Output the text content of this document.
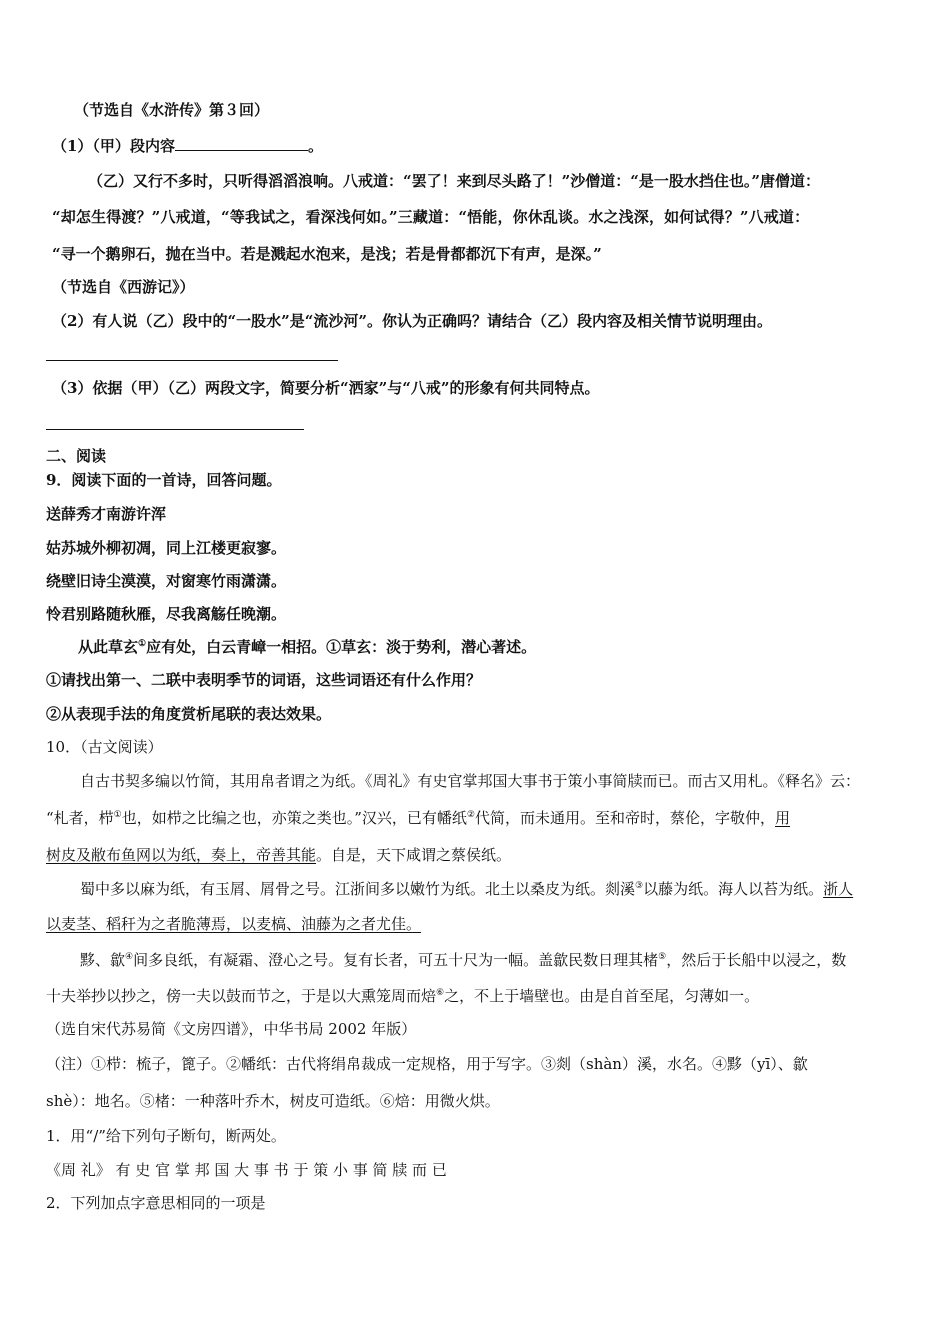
（节选自《水浒传》第３回）
（1）（甲）段内容	。
（乙）又行不多时，只听得滔滔浪响。八戒道：“罢了！来到尽头路了！”沙僧道：“是一股水挡住也。”唐僧道：
“却怎生得渡？”八戒道，“等我试之，看深浅何如。”三藏道：“悟能，你休乱谈。水之浅深，如何试得？”八戒道：
“寻一个鹅卵石，抛在当中。若是溅起水泡来，是浅；若是骨都都沉下有声，是深。”
（节选自《西游记》）
（2）有人说（乙）段中的“一股水”是“流沙河”。你认为正确吗？请结合（乙）段内容及相关情节说明理由。
（3）依据（甲）（乙）两段文字，简要分析“洒家”与“八戒”的形象有何共同特点。
二、阅读
9．阅读下面的一首诗，回答问题。
送薛秀才南游许浑
姑苏城外柳初凋，同上江楼更寂寥。
绕壁旧诗尘漠漠，对窗寒竹雨潇潇。
怜君别路随秋雁，尽我离觞任晚潮。
从此草玄①应有处，白云青嶂一相招。①草玄：淡于势利，潜心著述。
①请找出第一、二联中表明季节的词语，这些词语还有什么作用？
②从表现手法的角度赏析尾联的表达效果。
10．（古文阅读）
自古书契多编以竹简，其用帛者谓之为纸。《周礼》有史官掌邦国大事书于策小事简牍而已。而古又用札。《释名》云：
“札者，栉①也，如栉之比编之也，亦策之类也。”汉兴，已有幡纸②代简，而未通用。至和帝时，蔡伦，字敬仲，用
树皮及敝布鱼网以为纸，奏上，帝善其能。自是，天下咸谓之蔡侯纸。
蜀中多以麻为纸，有玉屑、屑骨之号。江浙间多以嫩竹为纸。北土以桑皮为纸。剡溪③以藤为纸。海人以苔为纸。浙人
以麦茎、稻秆为之者脆薄焉，以麦槁、油藤为之者尤佳。
黟、歙④间多良纸，有凝霜、澄心之号。复有长者，可五十尺为一幅。盖歙民数日理其楮⑤，然后于长船中以浸之，数
十夫举抄以抄之，傍一夫以鼓而节之，于是以大熏笼周而焙⑥之，不上于墙壁也。由是自首至尾，匀薄如一。
（选自宋代苏易简《文房四谱》，中华书局 2002 年版）
（注）①栉：梳子，篦子。②幡纸：古代将绢帛裁成一定规格，用于写字。③剡（shàn）溪，水名。④黟（yī）、歙
shè）：地名。⑤楮：一种落叶乔木，树皮可造纸。⑥焙：用微火烘。
1．用“/”给下列句子断句，断两处。
《周 礼》 有 史 官 掌 邦 国 大 事 书 于 策 小 事 简 牍 而 已
2．下列加点字意思相同的一项是
